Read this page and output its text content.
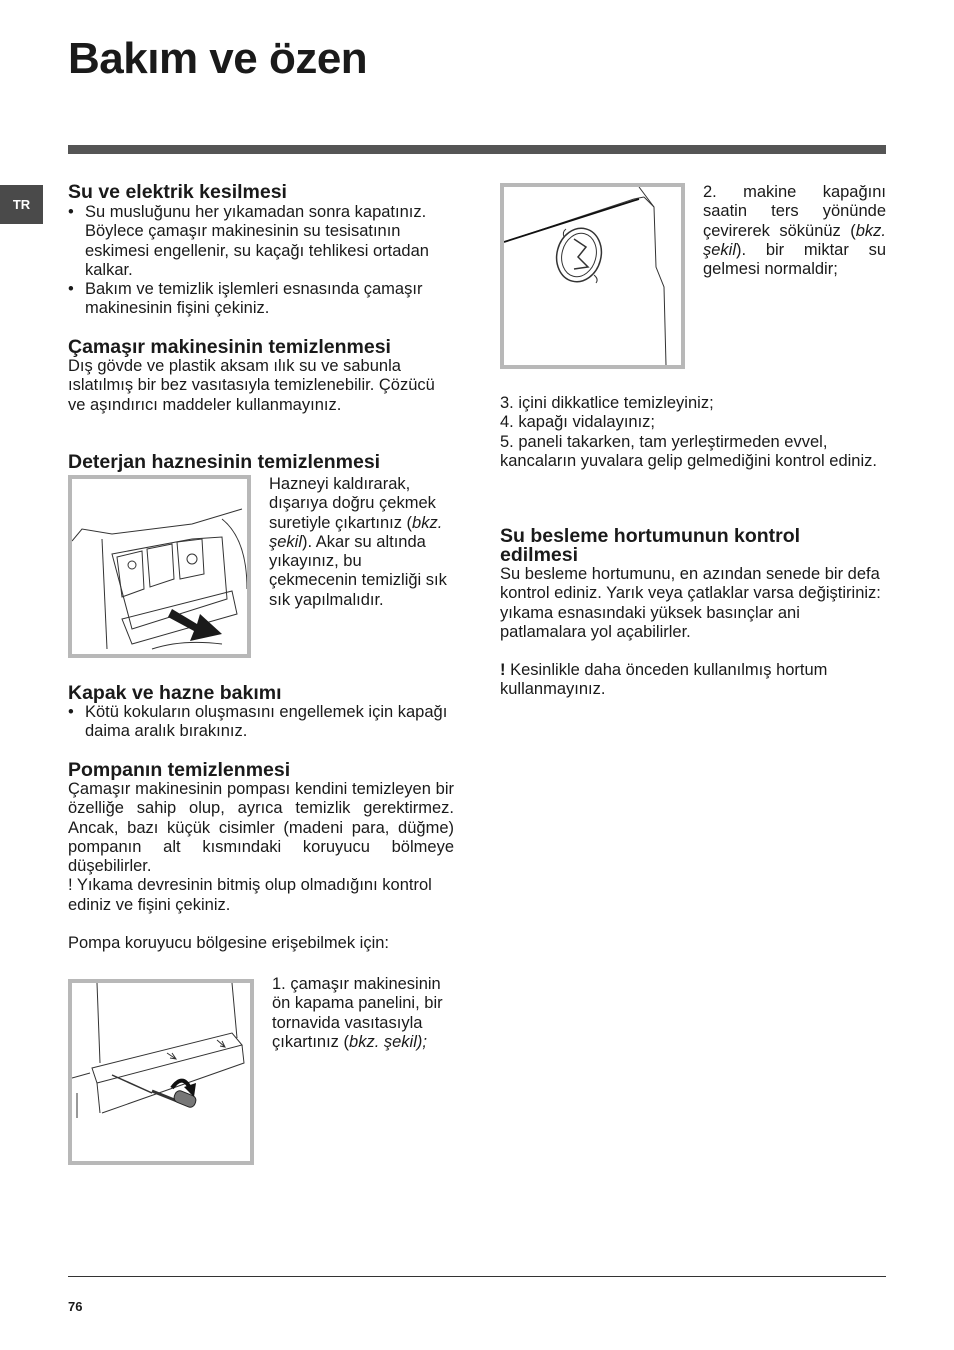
Bakım ve özen
TR
Su ve elektrik kesilmesi
• Su musluğunu her yıkamadan sonra kapatınız. Böylece çamaşır makinesinin su tesisatının eskimesi engellenir, su kaçağı tehlikesi ortadan kalkar.
• Bakım ve temizlik işlemleri esnasında çamaşır makinesinin fişini çekiniz.
Çamaşır makinesinin temizlenmesi

Dış gövde ve plastik aksam ılık su ve sabunla ıslatılmış bir bez vasıtasıyla temizlenebilir. Çözücü ve aşındırıcı maddeler kullanmayınız.

Deterjan haznesinin temizlenmesi

Hazneyi kaldırarak, dışarıya doğru çekmek suretiyle çıkartınız (bkz. şekil). Akar su altında yıkayınız, bu çekmecenin temizliği sık sık yapılmalıdır.

Kapak ve hazne bakımı
• Kötü kokuların oluşmasını engellemek için kapağı daima aralık bırakınız.
Pompanın temizlenmesi

Çamaşır makinesinin pompası kendini temizleyen bir özelliğe sahip olup, ayrıca temizlik gerektirmez. Ancak, bazı küçük cisimler (madeni para, düğme) pompanın alt kısmındaki koruyucu bölmeye düşebilirler.

! Yıkama devresinin bitmiş olup olmadığını kontrol ediniz ve fişini çekiniz.

Pompa koruyucu bölgesine erişebilmek için:

1. çamaşır makinesinin ön kapama panelini, bir tornavida vasıtasıyla çıkartınız (bkz. şekil);

2. makine kapağını saatin ters yönünde çevirerek sökünüz (bkz. şekil). bir miktar su gelmesi normaldir;

3. içini dikkatlice temizleyiniz;

4. kapağı vidalayınız;

5. paneli takarken, tam yerleştirmeden evvel, kancaların yuvalara gelip gelmediğini kontrol ediniz.

Su besleme hortumunun kontrol edilmesi

Su besleme hortumunu, en azından senede bir defa kontrol ediniz. Yarık veya çatlaklar varsa değiştiriniz: yıkama esnasındaki yüksek basınçlar ani patlamalara yol açabilirler.

! Kesinlikle daha önceden kullanılmış hortum kullanmayınız.

76
